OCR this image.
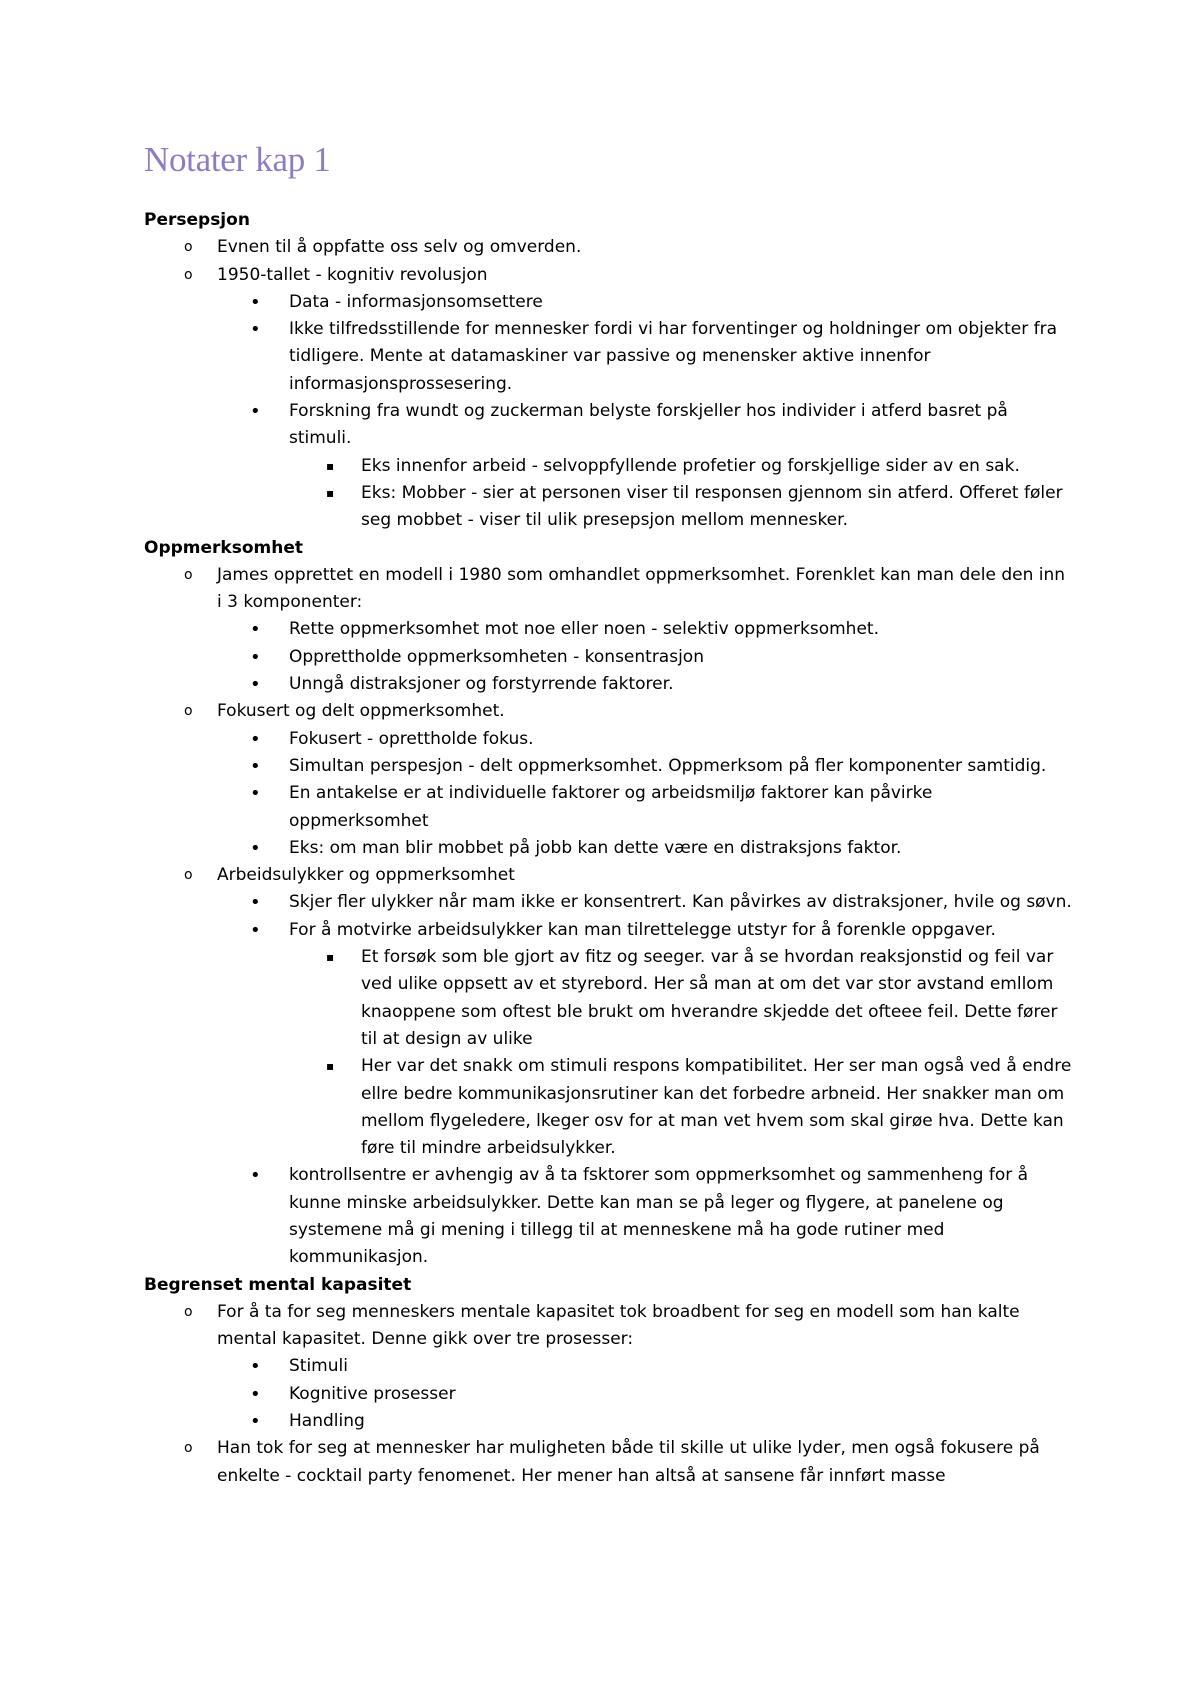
Notater kap 1
Persepsjon
o Evnen til å oppfatte oss selv og omverden.
o 1950-tallet - kognitiv revolusjon
• Data - informasjonsomsettere
• Ikke tilfredsstillende for mennesker fordi vi har forventinger og holdninger om objekter fra tidligere. Mente at datamaskiner var passive og menensker aktive innenfor informasjonsprossesering.
• Forskning fra wundt og zuckerman belyste forskjeller hos individer i atferd basret på stimuli.
▪ Eks innenfor arbeid - selvoppfyllende profetier og forskjellige sider av en sak.
▪ Eks: Mobber - sier at personen viser til responsen gjennom sin atferd. Offeret føler seg mobbet - viser til ulik presepsjon mellom mennesker.
Oppmerksomhet
o James opprettet en modell i 1980 som omhandlet oppmerksomhet. Forenklet kan man dele den inn i 3 komponenter:
• Rette oppmerksomhet mot noe eller noen - selektiv oppmerksomhet.
• Opprettholde oppmerksomheten - konsentrasjon
• Unngå distraksjoner og forstyrrende faktorer.
o Fokusert og delt oppmerksomhet.
• Fokusert - oprettholde fokus.
• Simultan perspesjon - delt oppmerksomhet. Oppmerksom på fler komponenter samtidig.
• En antakelse er at individuelle faktorer og arbeidsmiljø faktorer kan påvirke oppmerksomhet
• Eks: om man blir mobbet på jobb kan dette være en distraksjons faktor.
o Arbeidsulykker og oppmerksomhet
• Skjer fler ulykker når mam ikke er konsentrert. Kan påvirkes av distraksjoner, hvile og søvn.
• For å motvirke arbeidsulykker kan man tilrettelegge utstyr for å forenkle oppgaver.
▪ Et forsøk som ble gjort av fitz og seeger. var å se hvordan reaksjonstid og feil var ved ulike oppsett av et styrebord. Her så man at om det var stor avstand emllom knaoppene som oftest ble brukt om hverandre skjedde det ofteee feil. Dette fører til at design av ulike
▪ Her var det snakk om stimuli respons kompatibilitet. Her ser man også ved å endre ellre bedre kommunikasjonsrutiner kan det forbedre arbneid. Her snakker man om mellom flygeledere, lkeger osv for at man vet hvem som skal girøe hva. Dette kan føre til mindre arbeidsulykker.
• kontrollsentre er avhengig av å ta fsktorer som oppmerksomhet og sammenheng for å kunne minske arbeidsulykker. Dette kan man se på leger og flygere, at panelene og systemene må gi mening i tillegg til at menneskene må ha gode rutiner med kommunikasjon.
Begrenset mental kapasitet
o For å ta for seg menneskers mentale kapasitet tok broadbent for seg en modell som han kalte mental kapasitet. Denne gikk over tre prosesser:
• Stimuli
• Kognitive prosesser
• Handling
o Han tok for seg at mennesker har muligheten både til skille ut ulike lyder, men også fokusere på enkelte - cocktail party fenomenet. Her mener han altså at sansene får innført masse
